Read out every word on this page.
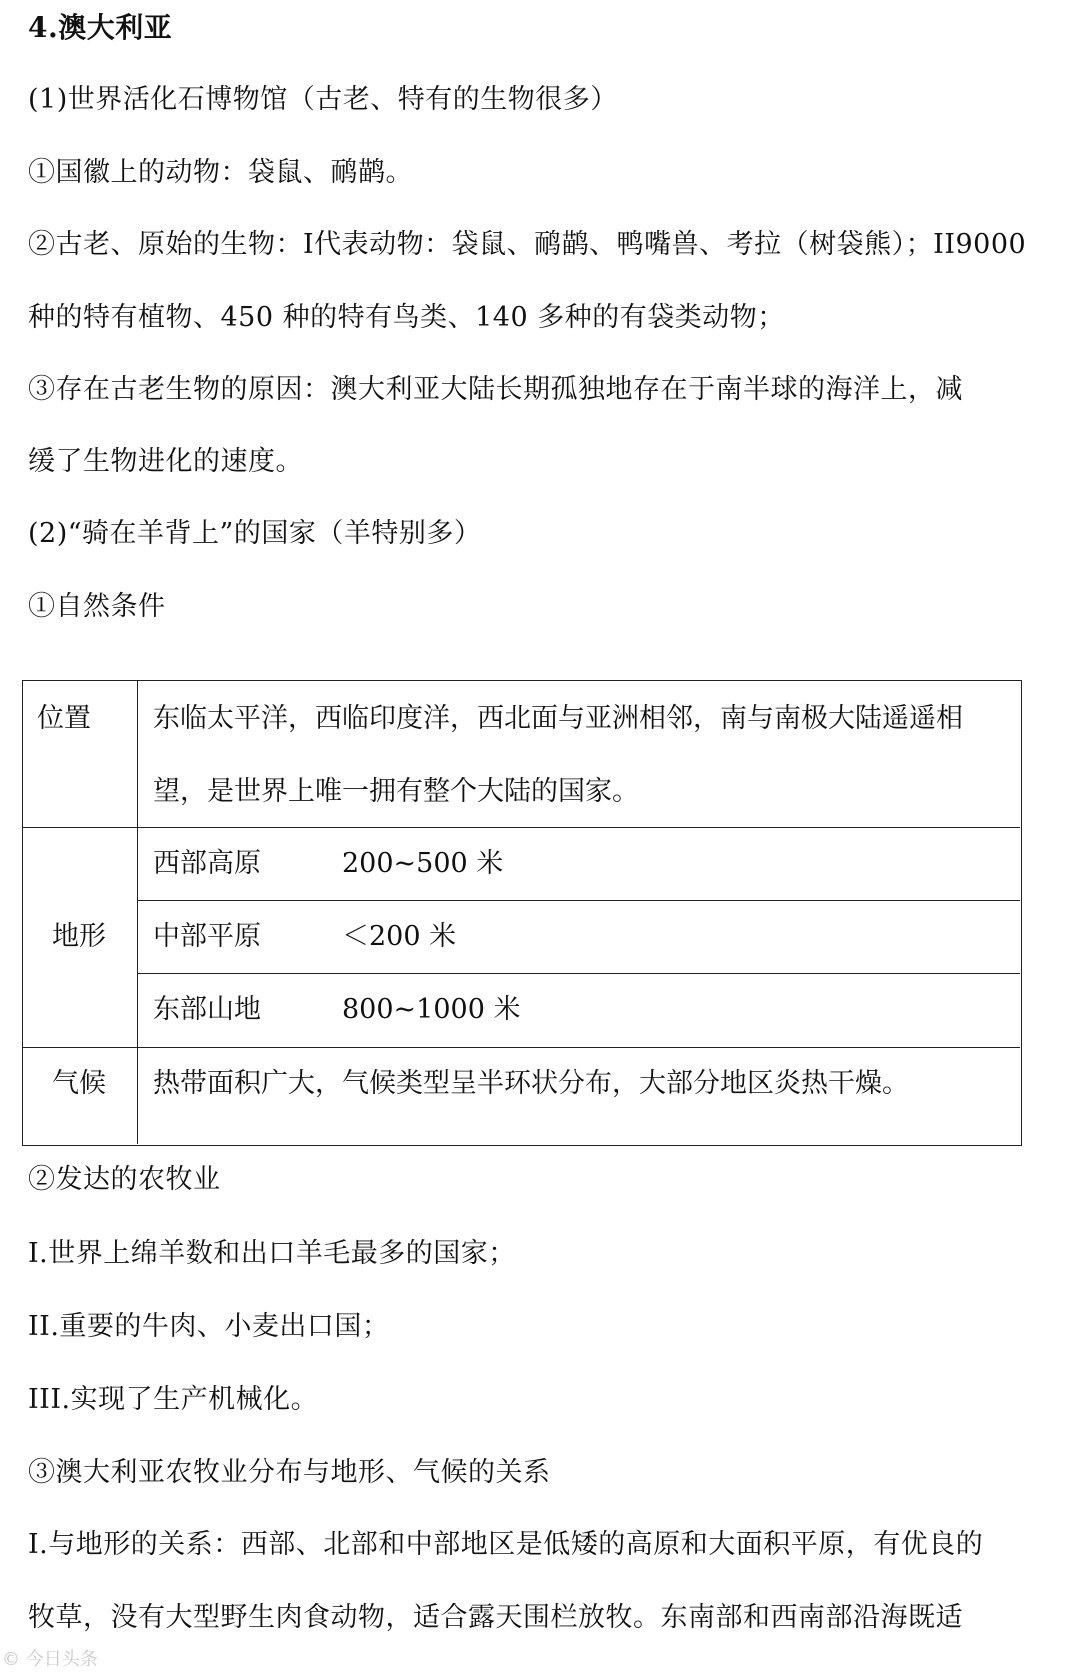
4.澳大利亚
(1)世界活化石博物馆（古老、特有的生物很多）
①国徽上的动物：袋鼠、鸸鹋。
②古老、原始的生物：I代表动物：袋鼠、鸸鹋、鸭嘴兽、考拉（树袋熊）；II9000
种的特有植物、450 种的特有鸟类、140 多种的有袋类动物；
③存在古老生物的原因：澳大利亚大陆长期孤独地存在于南半球的海洋上，减
缓了生物进化的速度。
(2)“骑在羊背上”的国家（羊特别多）
①自然条件
位置 东临太平洋，西临印度洋，西北面与亚洲相邻，南与南极大陆遥遥相
望，是世界上唯一拥有整个大陆的国家。
地形
西部高原	200~500 米
中部平原	＜200 米
东部山地	800~1000 米
气候 热带面积广大，气候类型呈半环状分布，大部分地区炎热干燥。
②发达的农牧业
I.世界上绵羊数和出口羊毛最多的国家；
II.重要的牛肉、小麦出口国；
III.实现了生产机械化。
③澳大利亚农牧业分布与地形、气候的关系
I.与地形的关系：西部、北部和中部地区是低矮的高原和大面积平原，有优良的
牧草，没有大型野生肉食动物，适合露天围栏放牧。东南部和西南部沿海既适
© 今日头条
